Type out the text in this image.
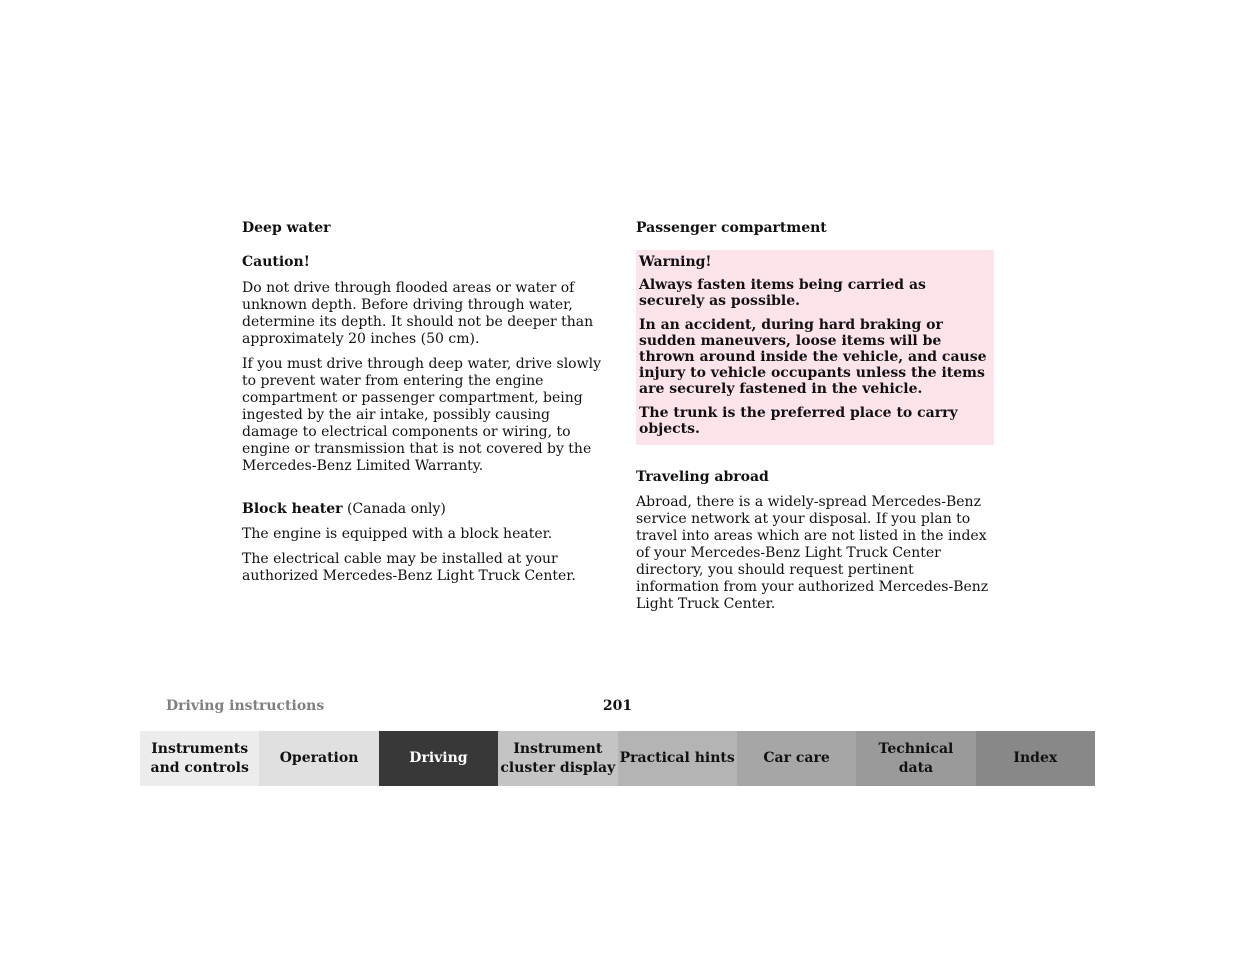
Deep water
Caution!
Do not drive through flooded areas or water of unknown depth. Before driving through water, determine its depth. It should not be deeper than approximately 20 inches (50 cm).
If you must drive through deep water, drive slowly to prevent water from entering the engine compartment or passenger compartment, being ingested by the air intake, possibly causing damage to electrical components or wiring, to engine or transmission that is not covered by the Mercedes-Benz Limited Warranty.
Block heater (Canada only)
The engine is equipped with a block heater.
The electrical cable may be installed at your authorized Mercedes-Benz Light Truck Center.
Passenger compartment
Warning!
Always fasten items being carried as securely as possible.
In an accident, during hard braking or sudden maneuvers, loose items will be thrown around inside the vehicle, and cause injury to vehicle occupants unless the items are securely fastened in the vehicle.
The trunk is the preferred place to carry objects.
Traveling abroad
Abroad, there is a widely-spread Mercedes-Benz service network at your disposal. If you plan to travel into areas which are not listed in the index of your Mercedes-Benz Light Truck Center directory, you should request pertinent information from your authorized Mercedes-Benz Light Truck Center.
Driving instructions	201
Instruments
and controls
Operation	Driving
Instrument
cluster display
Practical hints	Car care
Technical
data
Index
